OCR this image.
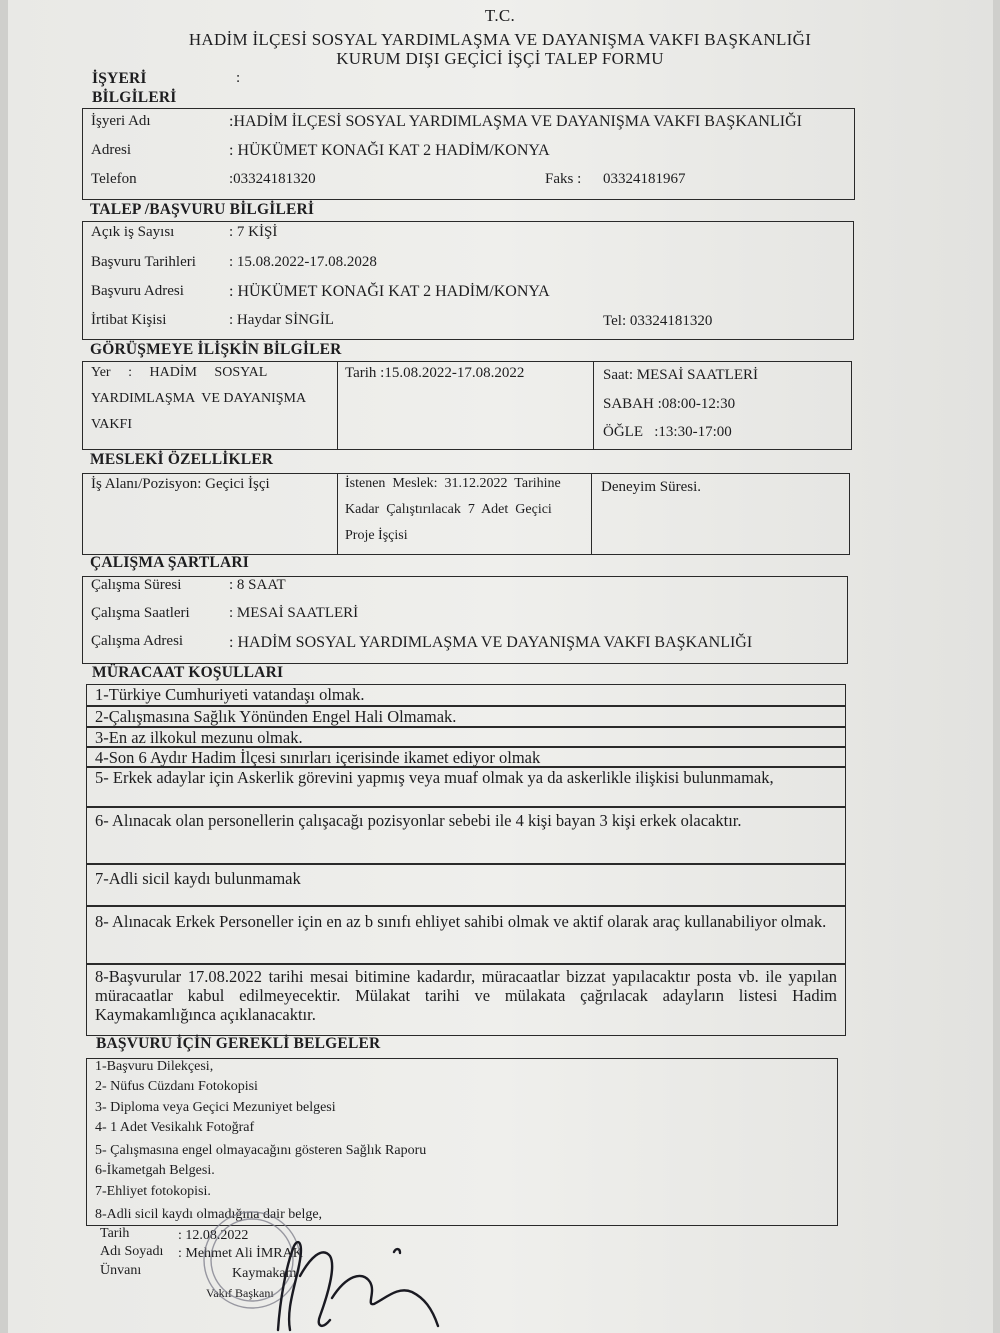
T.C.
HADİM İLÇESİ SOSYAL YARDIMLAŞMA VE DAYANIŞMA VAKFI BAŞKANLIĞI
KURUM DIŞI GEÇİCİ İŞÇİ TALEP FORMU
İŞYERİ	:
BİLGİLERİ
İşyeri Adı	:HADİM İLÇESİ SOSYAL YARDIMLAŞMA VE DAYANIŞMA VAKFI BAŞKANLIĞI
Adresi	: HÜKÜMET KONAĞI KAT 2 HADİM/KONYA
Telefon	:03324181320	Faks : 03324181967
TALEP /BAŞVURU BİLGİLERİ
Açık iş Sayısı	: 7 KİŞİ
Başvuru Tarihleri : 15.08.2022-17.08.2028
Başvuru Adresi	: HÜKÜMET KONAĞI KAT 2 HADİM/KONYA
İrtibat Kişisi	: Haydar SİNGİL	Tel: 03324181320
GÖRÜŞMEYE İLİŞKİN BİLGİLER
Yer     :     HADİM     SOSYAL
YARDIMLAŞMA  VE DAYANIŞMA
VAKFI
Tarih :15.08.2022-17.08.2022	Saat: MESAİ SAATLERİ
SABAH :08:00-12:30
ÖĞLE   :13:30-17:00
MESLEKİ ÖZELLİKLER
İş Alanı/Pozisyon: Geçici İşçi	İstenen  Meslek:  31.12.2022  Tarihine
Kadar  Çalıştırılacak  7  Adet  Geçici
Proje İşçisi
Deneyim Süresi.
ÇALIŞMA ŞARTLARI
Çalışma Süresi	: 8 SAAT
Çalışma Saatleri	: MESAİ SAATLERİ
Çalışma Adresi	: HADİM SOSYAL YARDIMLAŞMA VE DAYANIŞMA VAKFI BAŞKANLIĞI
MÜRACAAT KOŞULLARI
1-Türkiye Cumhuriyeti vatandaşı olmak.
2-Çalışmasına Sağlık Yönünden Engel Hali Olmamak.
3-En az ilkokul mezunu olmak.
4-Son 6 Aydır Hadim İlçesi sınırları içerisinde ikamet ediyor olmak
5- Erkek adaylar için Askerlik görevini yapmış veya muaf olmak ya da askerlikle ilişkisi bulunmamak,
6- Alınacak olan personellerin çalışacağı pozisyonlar sebebi ile 4 kişi bayan 3 kişi erkek olacaktır.
7-Adli sicil kaydı bulunmamak
8- Alınacak Erkek Personeller için en az b sınıfı ehliyet sahibi olmak ve aktif olarak araç kullanabiliyor olmak.
8-Başvurular 17.08.2022 tarihi mesai bitimine kadardır, müracaatlar bizzat yapılacaktır posta vb. ile yapılan müracaatlar kabul edilmeyecektir. Mülakat tarihi ve mülakata çağrılacak adayların listesi Hadim Kaymakamlığınca açıklanacaktır.
BAŞVURU İÇİN GEREKLİ BELGELER
1-Başvuru Dilekçesi,
2- Nüfus Cüzdanı Fotokopisi
3- Diploma veya Geçici Mezuniyet belgesi
4- 1 Adet Vesikalık Fotoğraf
5- Çalışmasına engel olmayacağını gösteren Sağlık Raporu
6-İkametgah Belgesi.
7-Ehliyet fotokopisi.
8-Adli sicil kaydı olmadığına dair belge,
Tarih	: 12.08.2022
Adı Soyadı : Mehmet Ali İMRAK
Ünvanı	Kaymakam
Vakıf Başkanı
